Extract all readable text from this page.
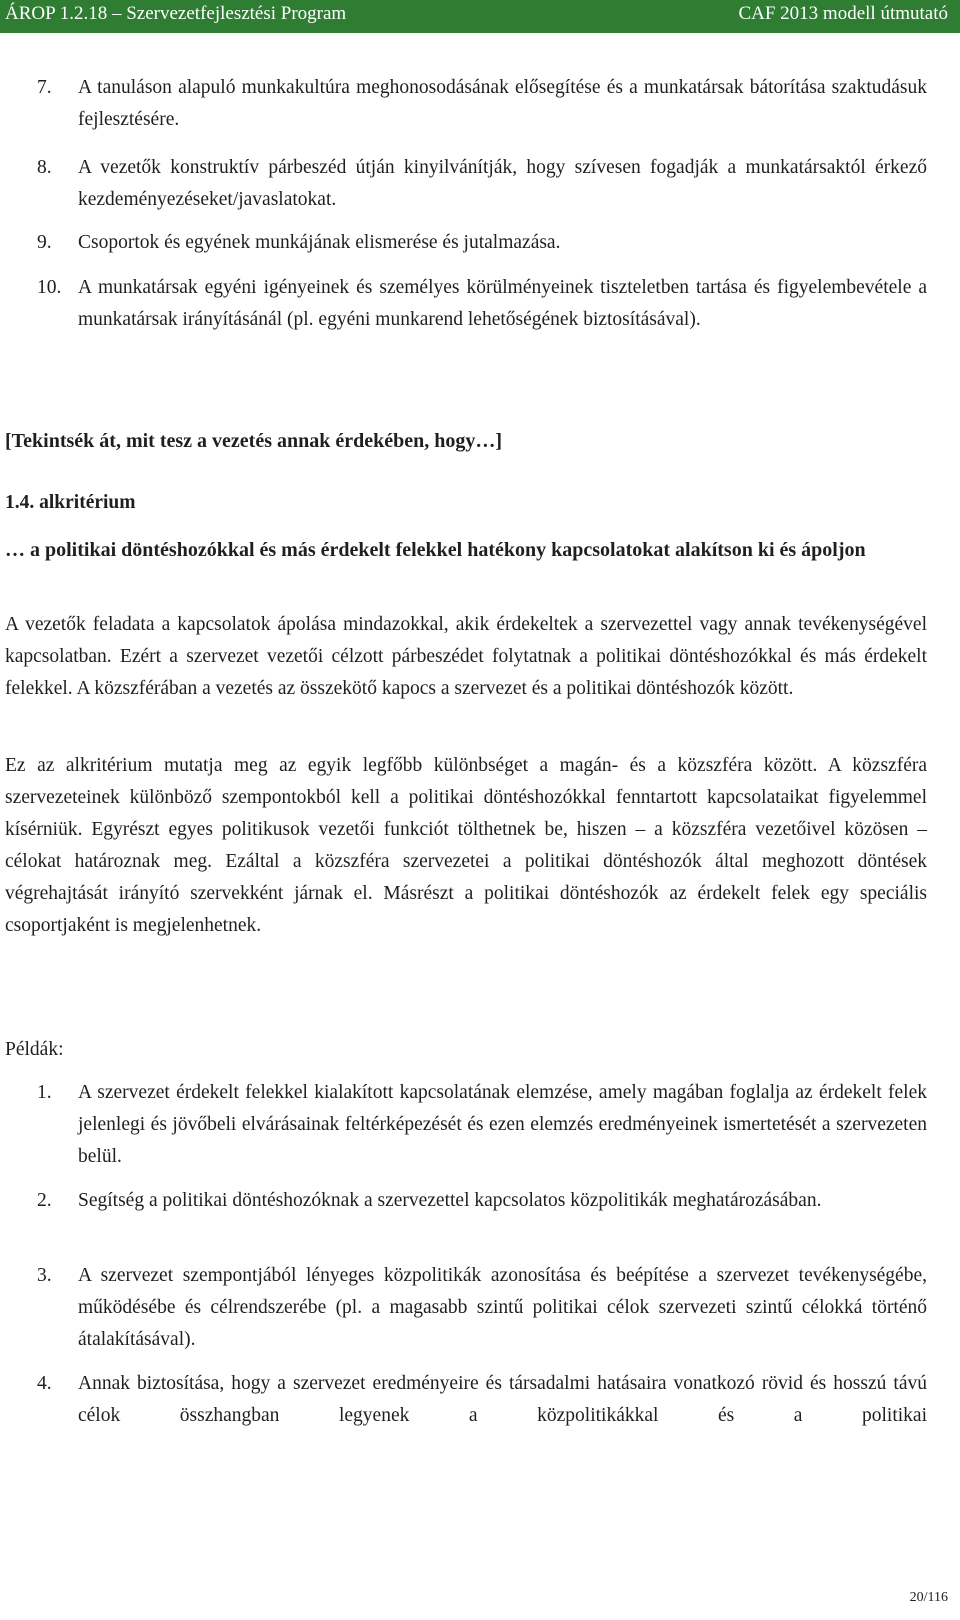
ÁROP 1.2.18 – Szervezetfejlesztési Program	CAF 2013 modell útmutató
7. A tanuláson alapuló munkakultúra meghonosodásának elősegítése és a munkatársak bátorítása szaktudásuk fejlesztésére.
8. A vezetők konstruktív párbeszéd útján kinyilvánítják, hogy szívesen fogadják a munkatársaktól érkező kezdeményezéseket/javaslatokat.
9. Csoportok és egyének munkájának elismerése és jutalmazása.
10. A munkatársak egyéni igényeinek és személyes körülményeinek tiszteletben tartása és figyelembevétele a munkatársak irányításánál (pl. egyéni munkarend lehetőségének biztosításával).
[Tekintsék át, mit tesz a vezetés annak érdekében, hogy…]
1.4. alkritérium
… a politikai döntéshozókkal és más érdekelt felekkel hatékony kapcsolatokat alakítson ki és ápoljon
A vezetők feladata a kapcsolatok ápolása mindazokkal, akik érdekeltek a szervezettel vagy annak tevékenységével kapcsolatban. Ezért a szervezet vezetői célzott párbeszédet folytatnak a politikai döntéshozókkal és más érdekelt felekkel. A közszférában a vezetés az összekötő kapocs a szervezet és a politikai döntéshozók között.
Ez az alkritérium mutatja meg az egyik legfőbb különbséget a magán- és a közszféra között. A közszféra szervezeteinek különböző szempontokból kell a politikai döntéshozókkal fenntartott kapcsolataikat figyelemmel kísérniük. Egyrészt egyes politikusok vezetői funkciót tölthetnek be, hiszen – a közszféra vezetőivel közösen – célokat határoznak meg. Ezáltal a közszféra szervezetei a politikai döntéshozók által meghozott döntések végrehajtását irányító szervekként járnak el. Másrészt a politikai döntéshozók az érdekelt felek egy speciális csoportjaként is megjelenhetnek.
Példák:
1. A szervezet érdekelt felekkel kialakított kapcsolatának elemzése, amely magában foglalja az érdekelt felek jelenlegi és jövőbeli elvárásainak feltérképezését és ezen elemzés eredményeinek ismertetését a szervezeten belül.
2. Segítség a politikai döntéshozóknak a szervezettel kapcsolatos közpolitikák meghatározásában.
3. A szervezet szempontjából lényeges közpolitikák azonosítása és beépítése a szervezet tevékenységébe, működésébe és célrendszerébe (pl. a magasabb szintű politikai célok szervezeti szintű célokká történő átalakításával).
4. Annak biztosítása, hogy a szervezet eredményeire és társadalmi hatásaira vonatkozó rövid és hosszú távú célok összhangban legyenek a közpolitikákkal és a politikai
20/116
